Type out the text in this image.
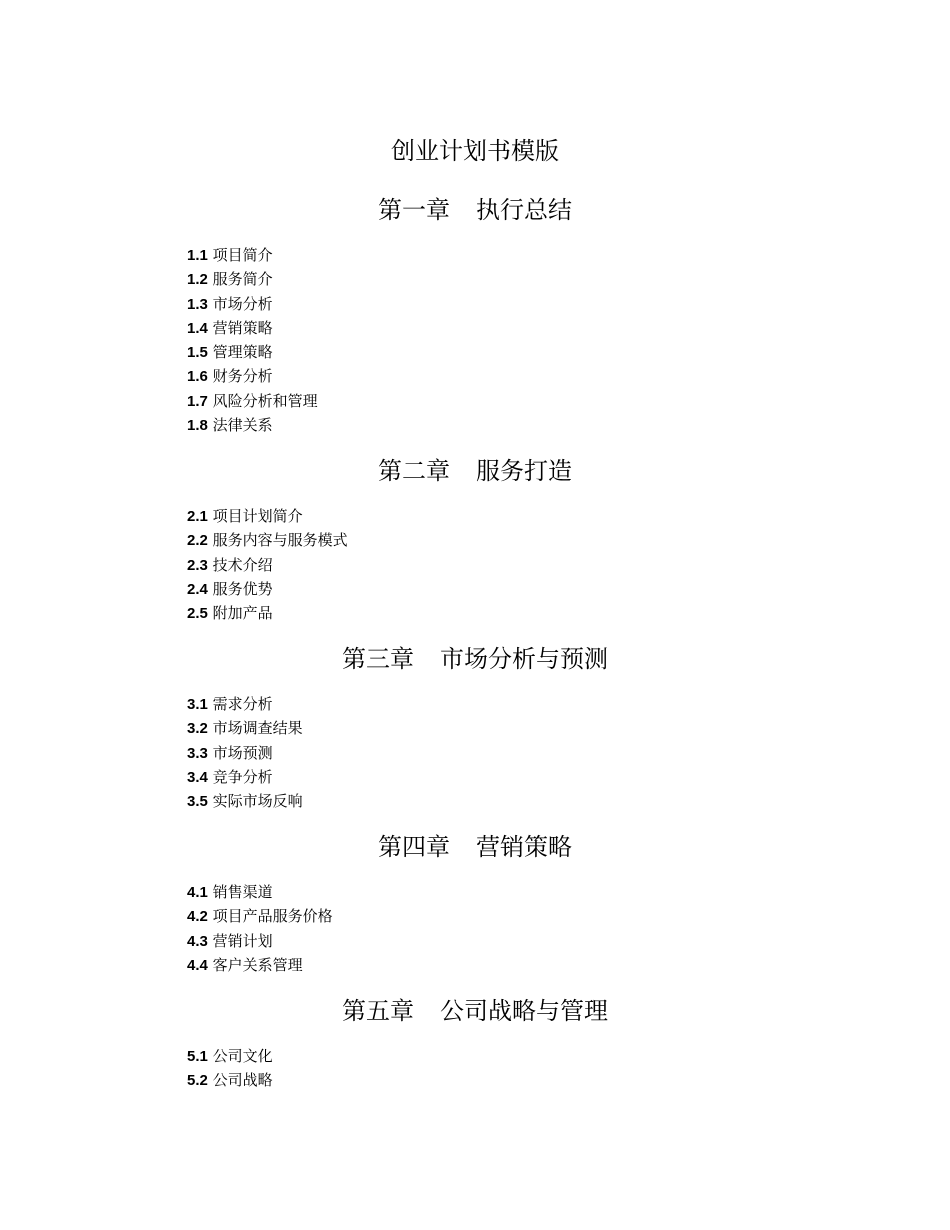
创业计划书模版
第一章 执行总结
1.1 项目简介
1.2 服务简介
1.3 市场分析
1.4 营销策略
1.5 管理策略
1.6 财务分析
1.7 风险分析和管理
1.8 法律关系
第二章 服务打造
2.1 项目计划简介
2.2 服务内容与服务模式
2.3 技术介绍
2.4 服务优势
2.5 附加产品
第三章 市场分析与预测
3.1 需求分析
3.2 市场调查结果
3.3 市场预测
3.4 竞争分析
3.5 实际市场反响
第四章 营销策略
4.1 销售渠道
4.2 项目产品服务价格
4.3 营销计划
4.4 客户关系管理
第五章 公司战略与管理
5.1 公司文化
5.2 公司战略
